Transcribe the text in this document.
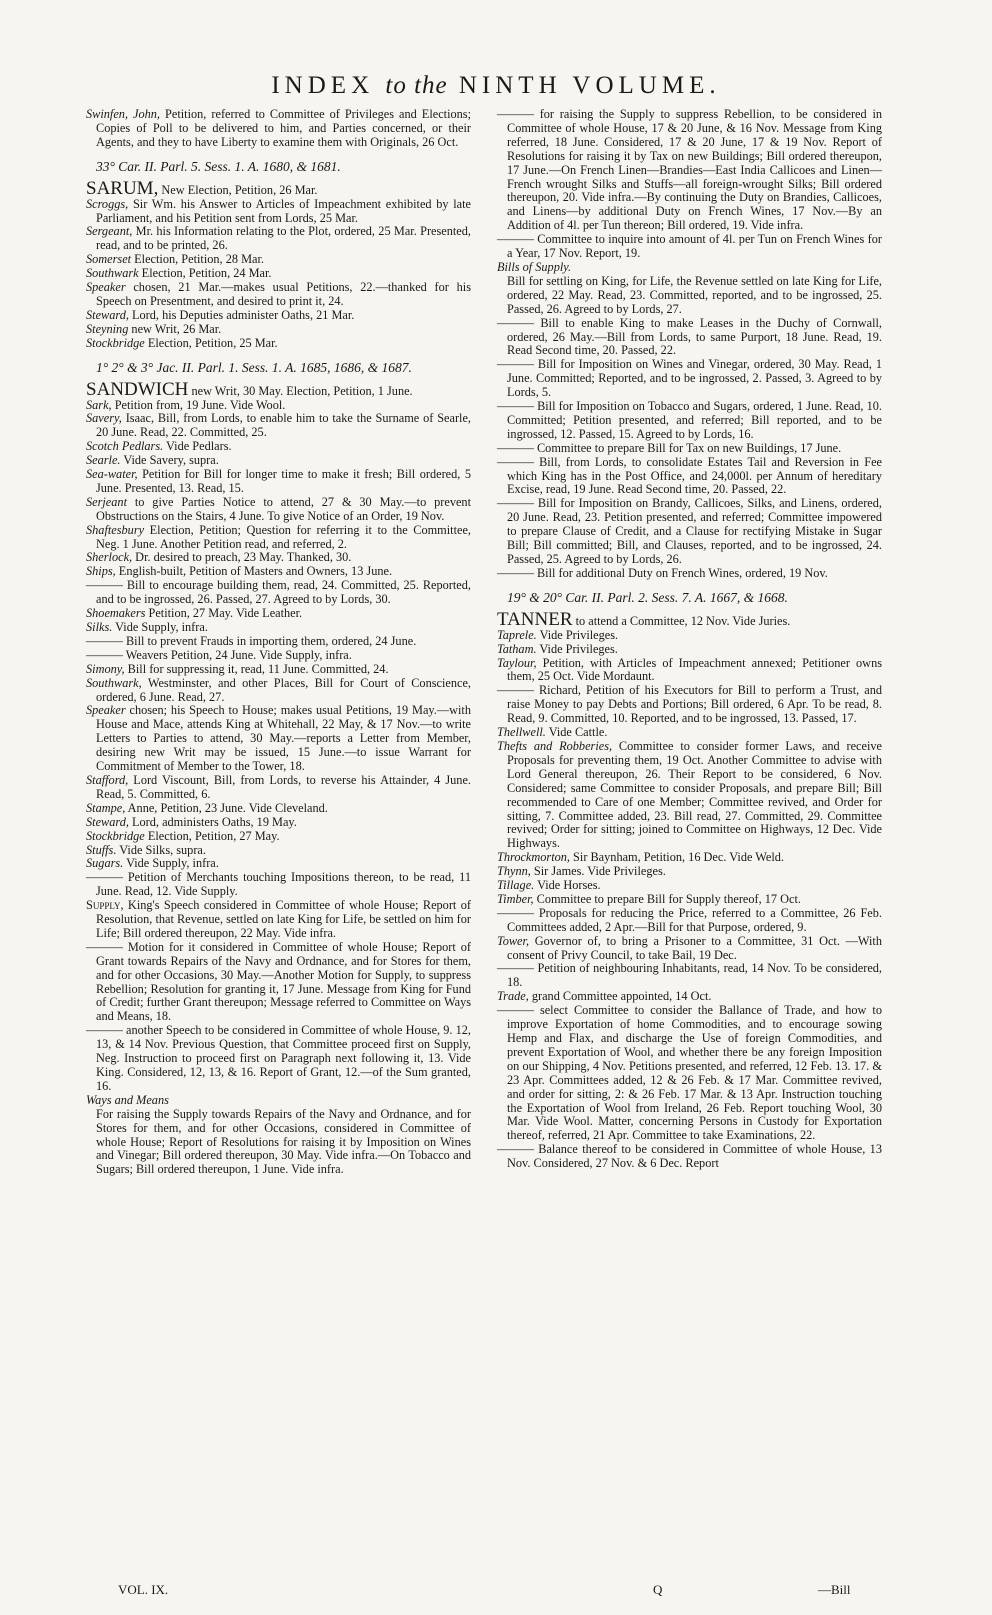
INDEX to the NINTH VOLUME.

Swinfen, John, Petition, referred to Committee of Privileges and Elections; Copies of Poll to be delivered to him, and Parties concerned, or their Agents, and they to have Liberty to examine them with Originals, 26 Oct.

33° Car. II. Parl. 5. Sess. 1. A. 1680, & 1681.

SARUM, New Election, Petition, 26 Mar.

Scroggs, Sir Wm. his Answer to Articles of Impeachment exhibited by late Parliament, and his Petition sent from Lords, 25 Mar.

Sergeant, Mr. his Information relating to the Plot, ordered, 25 Mar. Presented, read, and to be printed, 26.

Somerset Election, Petition, 28 Mar.

Southwark Election, Petition, 24 Mar.

Speaker chosen, 21 Mar.—makes usual Petitions, 22.—thanked for his Speech on Presentment, and desired to print it, 24.

Steward, Lord, his Deputies administer Oaths, 21 Mar.

Steyning new Writ, 26 Mar.

Stockbridge Election, Petition, 25 Mar.

1° 2° & 3° Jac. II. Parl. 1. Sess. 1. A. 1685, 1686, & 1687.

SANDWICH new Writ, 30 May. Election, Petition, 1 June.

Sark, Petition from, 19 June. Vide Wool.

Savery, Isaac, Bill, from Lords, to enable him to take the Surname of Searle, 20 June. Read, 22. Committed, 25.

Scotch Pedlars. Vide Pedlars.

Searle. Vide Savery, supra.

Sea-water, Petition for Bill for longer time to make it fresh; Bill ordered, 5 June. Presented, 13. Read, 15.

Serjeant to give Parties Notice to attend, 27 & 30 May.—to prevent Obstructions on the Stairs, 4 June. To give Notice of an Order, 19 Nov.

Shaftesbury Election, Petition; Question for referring it to the Committee, Neg. 1 June. Another Petition read, and referred, 2.

Sherlock, Dr. desired to preach, 23 May. Thanked, 30.

Ships, English-built, Petition of Masters and Owners, 13 June.

——— Bill to encourage building them, read, 24. Committed, 25. Reported, and to be ingrossed, 26. Passed, 27. Agreed to by Lords, 30.

Shoemakers Petition, 27 May. Vide Leather.

Silks. Vide Supply, infra.

——— Bill to prevent Frauds in importing them, ordered, 24 June.

——— Weavers Petition, 24 June. Vide Supply, infra.

Simony, Bill for suppressing it, read, 11 June. Committed, 24.

Southwark, Westminster, and other Places, Bill for Court of Conscience, ordered, 6 June. Read, 27.

Speaker chosen; his Speech to House; makes usual Petitions, 19 May.—with House and Mace, attends King at Whitehall, 22 May, & 17 Nov.—to write Letters to Parties to attend, 30 May.—reports a Letter from Member, desiring new Writ may be issued, 15 June.—to issue Warrant for Commitment of Member to the Tower, 18.

Stafford, Lord Viscount, Bill, from Lords, to reverse his Attainder, 4 June. Read, 5. Committed, 6.

Stampe, Anne, Petition, 23 June. Vide Cleveland.

Steward, Lord, administers Oaths, 19 May.

Stockbridge Election, Petition, 27 May.

Stuffs. Vide Silks, supra.

Sugars. Vide Supply, infra.

——— Petition of Merchants touching Impositions thereon, to be read, 11 June. Read, 12. Vide Supply.

Supply, King's Speech considered in Committee of whole House; Report of Resolution, that Revenue, settled on late King for Life, be settled on him for Life; Bill ordered thereupon, 22 May. Vide infra.

——— Motion for it considered in Committee of whole House; Report of Grant towards Repairs of the Navy and Ordnance, and for Stores for them, and for other Occasions, 30 May.—Another Motion for Supply, to suppress Rebellion; Resolution for granting it, 17 June. Message from King for Fund of Credit; further Grant thereupon; Message referred to Committee on Ways and Means, 18.

——— another Speech to be considered in Committee of whole House, 9. 12, 13, & 14 Nov. Previous Question, that Committee proceed first on Supply, Neg. Instruction to proceed first on Paragraph next following it, 13. Vide King. Considered, 12, 13, & 16. Report of Grant, 12.—of the Sum granted, 16.

Ways and Means

For raising the Supply towards Repairs of the Navy and Ordnance, and for Stores for them, and for other Occasions, considered in Committee of whole House; Report of Resolutions for raising it by Imposition on Wines and Vinegar; Bill ordered thereupon, 30 May. Vide infra.—On Tobacco and Sugars; Bill ordered thereupon, 1 June. Vide infra.

——— for raising the Supply to suppress Rebellion, to be considered in Committee of whole House, 17 & 20 June, & 16 Nov. Message from King referred, 18 June. Considered, 17 & 20 June, 17 & 19 Nov. Report of Resolutions for raising it by Tax on new Buildings; Bill ordered thereupon, 17 June.—On French Linen—Brandies—East India Callicoes and Linen—French wrought Silks and Stuffs—all foreign-wrought Silks; Bill ordered thereupon, 20. Vide infra.—By continuing the Duty on Brandies, Callicoes, and Linens—by additional Duty on French Wines, 17 Nov.—By an Addition of 4l. per Tun thereon; Bill ordered, 19. Vide infra.

——— Committee to inquire into amount of 4l. per Tun on French Wines for a Year, 17 Nov. Report, 19.

Bills of Supply.

Bill for settling on King, for Life, the Revenue settled on late King for Life, ordered, 22 May. Read, 23. Committed, reported, and to be ingrossed, 25. Passed, 26. Agreed to by Lords, 27.

——— Bill to enable King to make Leases in the Duchy of Cornwall, ordered, 26 May.—Bill from Lords, to same Purport, 18 June. Read, 19. Read Second time, 20. Passed, 22.

——— Bill for Imposition on Wines and Vinegar, ordered, 30 May. Read, 1 June. Committed; Reported, and to be ingrossed, 2. Passed, 3. Agreed to by Lords, 5.

——— Bill for Imposition on Tobacco and Sugars, ordered, 1 June. Read, 10. Committed; Petition presented, and referred; Bill reported, and to be ingrossed, 12. Passed, 15. Agreed to by Lords, 16.

——— Committee to prepare Bill for Tax on new Buildings, 17 June.

——— Bill, from Lords, to consolidate Estates Tail and Reversion in Fee which King has in the Post Office, and 24,000l. per Annum of hereditary Excise, read, 19 June. Read Second time, 20. Passed, 22.

——— Bill for Imposition on Brandy, Callicoes, Silks, and Linens, ordered, 20 June. Read, 23. Petition presented, and referred; Committee impowered to prepare Clause of Credit, and a Clause for rectifying Mistake in Sugar Bill; Bill committed; Bill, and Clauses, reported, and to be ingrossed, 24. Passed, 25. Agreed to by Lords, 26.

——— Bill for additional Duty on French Wines, ordered, 19 Nov.

19° & 20° Car. II. Parl. 2. Sess. 7. A. 1667, & 1668.

TANNER to attend a Committee, 12 Nov. Vide Juries.

Taprele. Vide Privileges.

Tatham. Vide Privileges.

Taylour, Petition, with Articles of Impeachment annexed; Petitioner owns them, 25 Oct. Vide Mordaunt.

——— Richard, Petition of his Executors for Bill to perform a Trust, and raise Money to pay Debts and Portions; Bill ordered, 6 Apr. To be read, 8. Read, 9. Committed, 10. Reported, and to be ingrossed, 13. Passed, 17.

Thellwell. Vide Cattle.

Thefts and Robberies, Committee to consider former Laws, and receive Proposals for preventing them, 19 Oct. Another Committee to advise with Lord General thereupon, 26. Their Report to be considered, 6 Nov. Considered; same Committee to consider Proposals, and prepare Bill; Bill recommended to Care of one Member; Committee revived, and Order for sitting, 7. Committee added, 23. Bill read, 27. Committed, 29. Committee revived; Order for sitting; joined to Committee on Highways, 12 Dec. Vide Highways.

Throckmorton, Sir Baynham, Petition, 16 Dec. Vide Weld.

Thynn, Sir James. Vide Privileges.

Tillage. Vide Horses.

Timber, Committee to prepare Bill for Supply thereof, 17 Oct.

——— Proposals for reducing the Price, referred to a Committee, 26 Feb. Committees added, 2 Apr.—Bill for that Purpose, ordered, 9.

Tower, Governor of, to bring a Prisoner to a Committee, 31 Oct. —With consent of Privy Council, to take Bail, 19 Dec.

——— Petition of neighbouring Inhabitants, read, 14 Nov. To be considered, 18.

Trade, grand Committee appointed, 14 Oct.

——— select Committee to consider the Ballance of Trade, and how to improve Exportation of home Commodities, and to encourage sowing Hemp and Flax, and discharge the Use of foreign Commodities, and prevent Exportation of Wool, and whether there be any foreign Imposition on our Shipping, 4 Nov. Petitions presented, and referred, 12 Feb. 13. 17. & 23 Apr. Committees added, 12 & 26 Feb. & 17 Mar. Committee revived, and order for sitting, 2: & 26 Feb. 17 Mar. & 13 Apr. Instruction touching the Exportation of Wool from Ireland, 26 Feb. Report touching Wool, 30 Mar. Vide Wool. Matter, concerning Persons in Custody for Exportation thereof, referred, 21 Apr. Committee to take Examinations, 22.

——— Balance thereof to be considered in Committee of whole House, 13 Nov. Considered, 27 Nov. & 6 Dec. Report

VOL. IX.	Q	—Bill
